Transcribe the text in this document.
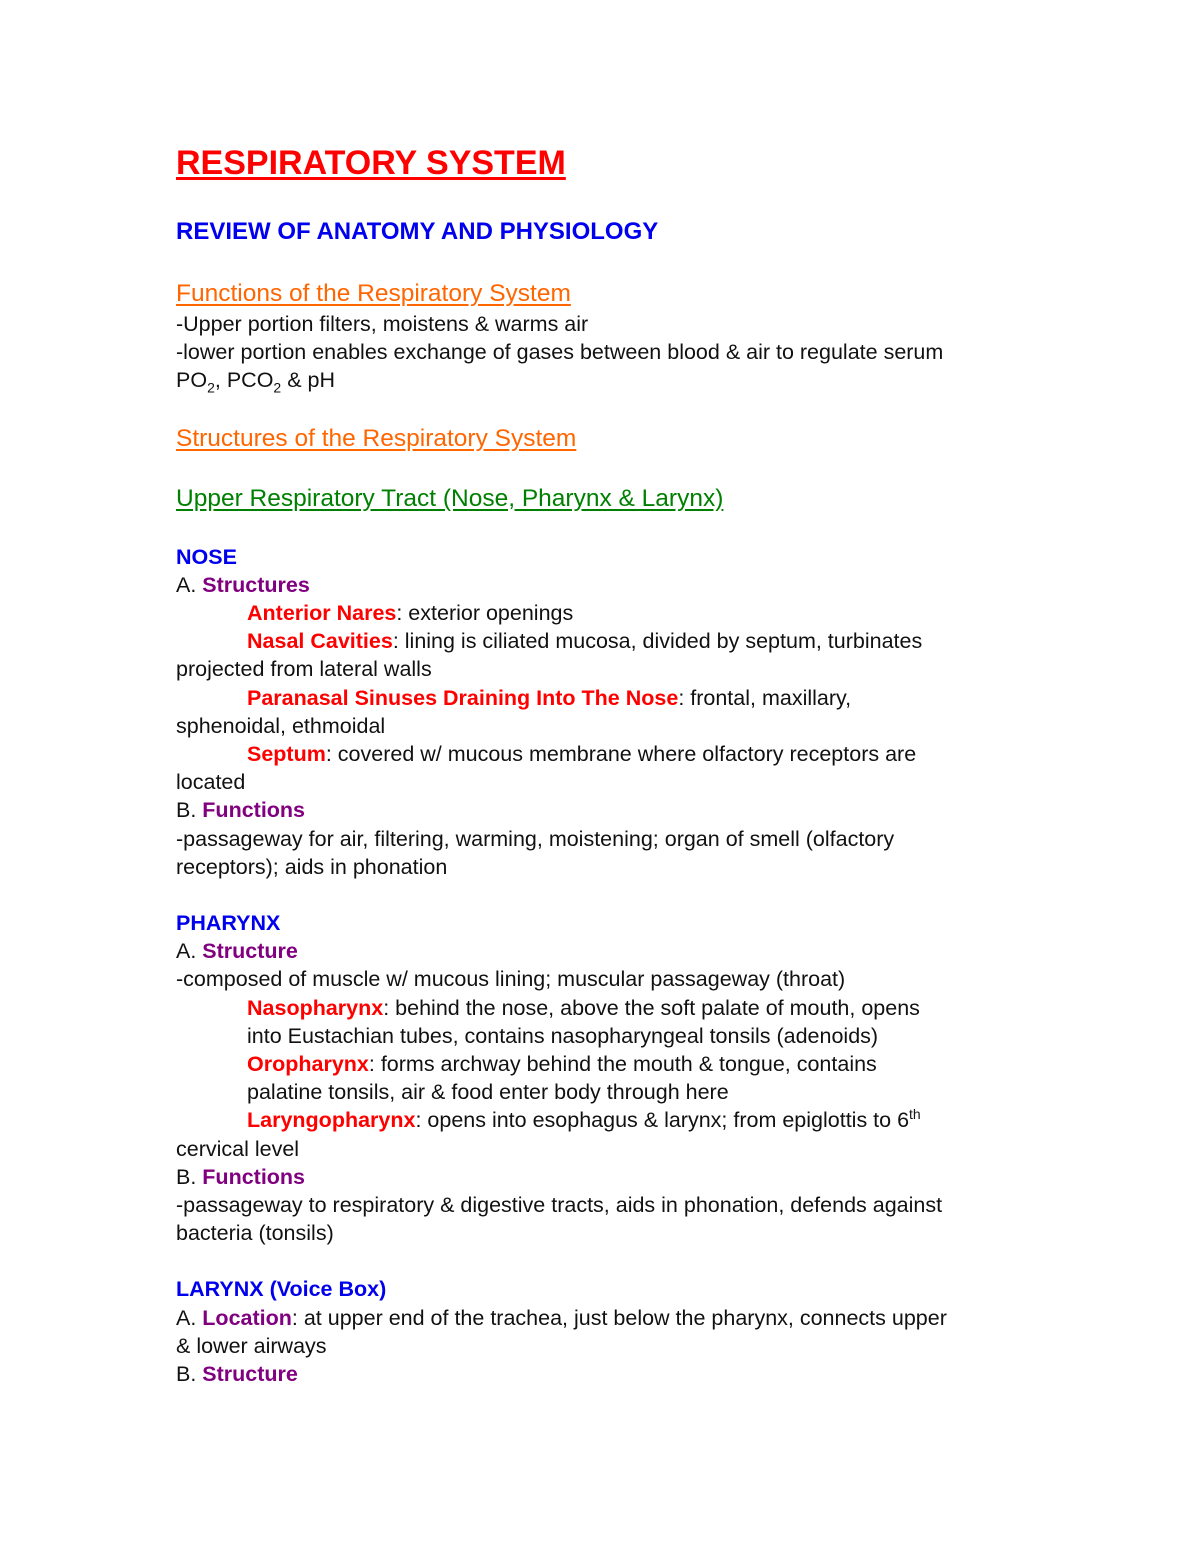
RESPIRATORY SYSTEM
REVIEW OF ANATOMY AND PHYSIOLOGY
Functions of the Respiratory System
-Upper portion filters, moistens & warms air
-lower portion enables exchange of gases between blood & air to regulate serum
$PO_2$, $PCO_2$ & pH
Structures of the Respiratory System
Upper Respiratory Tract (Nose, Pharynx & Larynx)
NOSE
A. Structures
Anterior Nares: exterior openings
Nasal Cavities: lining is ciliated mucosa, divided by septum, turbinates
projected from lateral walls
Paranasal Sinuses Draining Into The Nose: frontal, maxillary,
sphenoidal, ethmoidal
Septum: covered w/ mucous membrane where olfactory receptors are
located
B. Functions
-passageway for air, filtering, warming, moistening; organ of smell (olfactory
receptors); aids in phonation
PHARYNX
A. Structure
-composed of muscle w/ mucous lining; muscular passageway (throat)
Nasopharynx: behind the nose, above the soft palate of mouth, opens
into Eustachian tubes, contains nasopharyngeal tonsils (adenoids)
Oropharynx: forms archway behind the mouth & tongue, contains
palatine tonsils, air & food enter body through here
Laryngopharynx: opens into esophagus & larynx; from epiglottis to 6th
cervical level
B. Functions
-passageway to respiratory & digestive tracts, aids in phonation, defends against
bacteria (tonsils)
LARYNX (Voice Box)
A. Location: at upper end of the trachea, just below the pharynx, connects upper
& lower airways
B. Structure
